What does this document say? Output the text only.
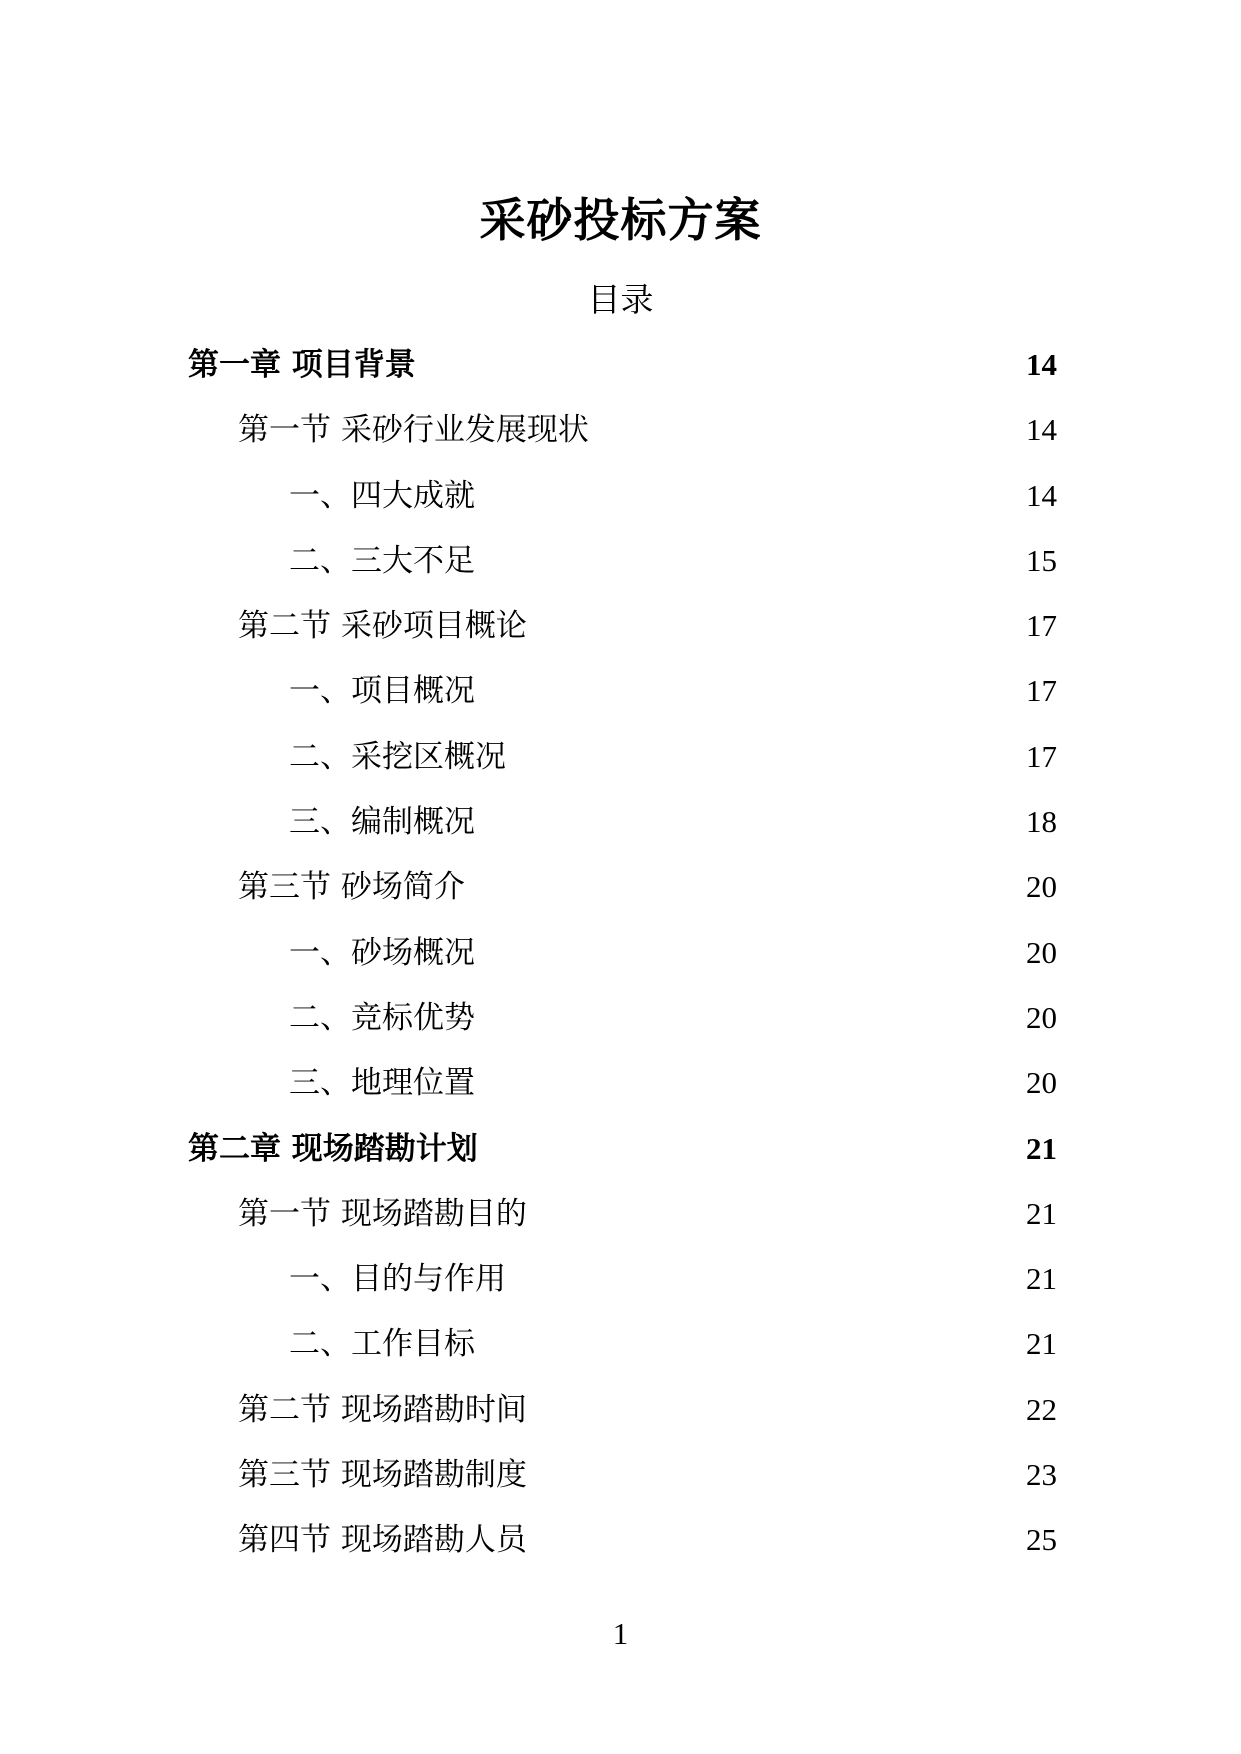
采砂投标方案
目录
第一章 项目背景	14
第一节 采砂行业发展现状	14
一、四大成就	14
二、三大不足	15
第二节 采砂项目概论	17
一、项目概况	17
二、采挖区概况	17
三、编制概况	18
第三节 砂场简介	20
一、砂场概况	20
二、竞标优势	20
三、地理位置	20
第二章 现场踏勘计划	21
第一节 现场踏勘目的	21
一、目的与作用	21
二、工作目标	21
第二节 现场踏勘时间	22
第三节 现场踏勘制度	23
第四节 现场踏勘人员	25
1
